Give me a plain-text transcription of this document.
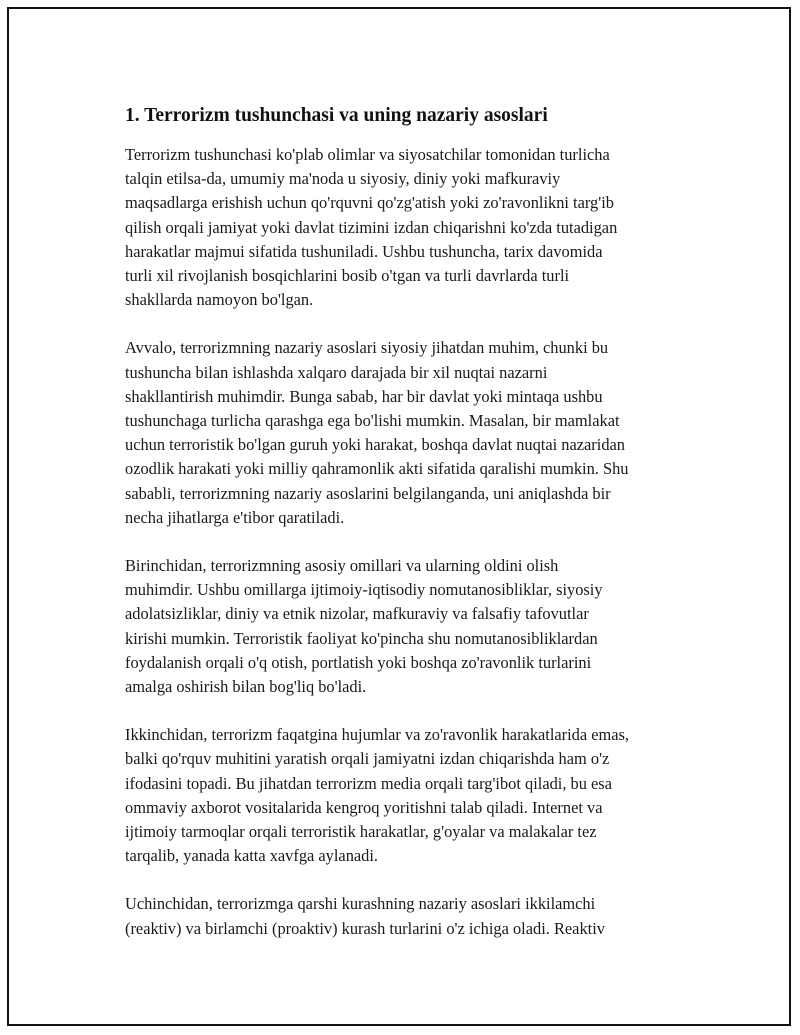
1. Terrorizm tushunchasi va uning nazariy asoslari

Terrorizm tushunchasi ko'plab olimlar va siyosatchilar tomonidan turlicha
talqin etilsa-da, umumiy ma'noda u siyosiy, diniy yoki mafkuraviy
maqsadlarga erishish uchun qo'rquvni qo'zg'atish yoki zo'ravonlikni targ'ib
qilish orqali jamiyat yoki davlat tizimini izdan chiqarishni ko'zda tutadigan
harakatlar majmui sifatida tushuniladi. Ushbu tushuncha, tarix davomida
turli xil rivojlanish bosqichlarini bosib o'tgan va turli davrlarda turli
shakllarda namoyon bo'lgan.

Avvalo, terrorizmning nazariy asoslari siyosiy jihatdan muhim, chunki bu
tushuncha bilan ishlashda xalqaro darajada bir xil nuqtai nazarni
shakllantirish muhimdir. Bunga sabab, har bir davlat yoki mintaqa ushbu
tushunchaga turlicha qarashga ega bo'lishi mumkin. Masalan, bir mamlakat
uchun terroristik bo'lgan guruh yoki harakat, boshqa davlat nuqtai nazaridan
ozodlik harakati yoki milliy qahramonlik akti sifatida qaralishi mumkin. Shu
sababli, terrorizmning nazariy asoslarini belgilanganda, uni aniqlashda bir
necha jihatlarga e'tibor qaratiladi.

Birinchidan, terrorizmning asosiy omillari va ularning oldini olish
muhimdir. Ushbu omillarga ijtimoiy-iqtisodiy nomutanosibliklar, siyosiy
adolatsizliklar, diniy va etnik nizolar, mafkuraviy va falsafiy tafovutlar
kirishi mumkin. Terroristik faoliyat ko'pincha shu nomutanosibliklardan
foydalanish orqali o'q otish, portlatish yoki boshqa zo'ravonlik turlarini
amalga oshirish bilan bog'liq bo'ladi.

Ikkinchidan, terrorizm faqatgina hujumlar va zo'ravonlik harakatlarida emas,
balki qo'rquv muhitini yaratish orqali jamiyatni izdan chiqarishda ham o'z
ifodasini topadi. Bu jihatdan terrorizm media orqali targ'ibot qiladi, bu esa
ommaviy axborot vositalarida kengroq yoritishni talab qiladi. Internet va
ijtimoiy tarmoqlar orqali terroristik harakatlar, g'oyalar va malakalar tez
tarqalib, yanada katta xavfga aylanadi.

Uchinchidan, terrorizmga qarshi kurashning nazariy asoslari ikkilamchi
(reaktiv) va birlamchi (proaktiv) kurash turlarini o'z ichiga oladi. Reaktiv
